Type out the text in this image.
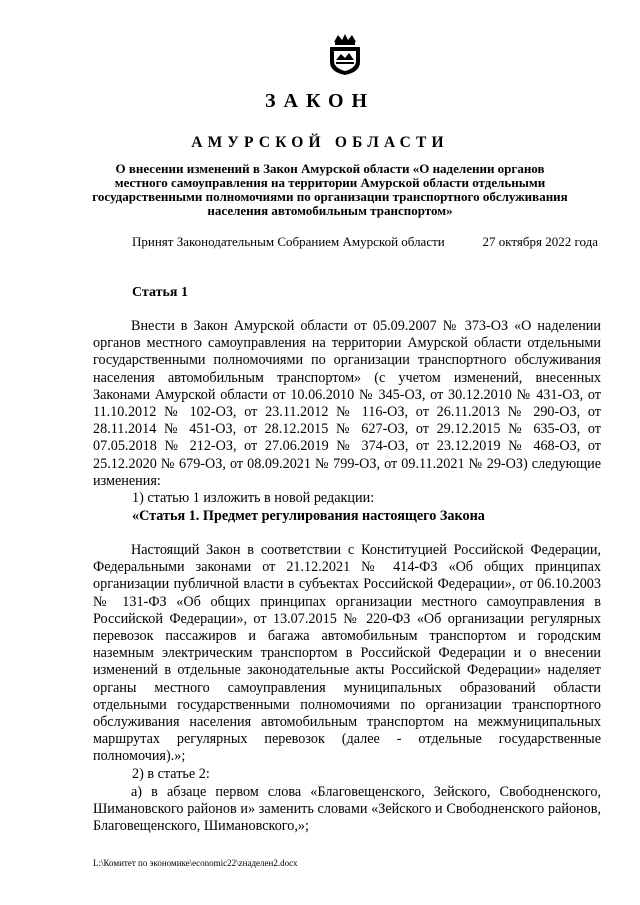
ЗАКОН
АМУРСКОЙ ОБЛАСТИ
О внесении изменений в Закон Амурской области «О наделении органов местного самоуправления на территории Амурской области отдельными государственными полномочиями по организации транспортного обслуживания населения автомобильным транспортом»
Принят Законодательным Собранием Амурской области	27 октября 2022 года
Статья 1
Внести в Закон Амурской области от 05.09.2007 № 373-ОЗ «О наделении органов местного самоуправления на территории Амурской области отдельными государственными полномочиями по организации транспортного обслуживания населения автомобильным транспортом» (с учетом изменений, внесенных Законами Амурской области от 10.06.2010 № 345-ОЗ, от 30.12.2010 № 431-ОЗ, от 11.10.2012 № 102-ОЗ, от 23.11.2012 № 116-ОЗ, от 26.11.2013 № 290-ОЗ, от 28.11.2014 № 451-ОЗ, от 28.12.2015 № 627-ОЗ, от 29.12.2015 № 635-ОЗ, от 07.05.2018 № 212-ОЗ, от 27.06.2019 № 374-ОЗ, от 23.12.2019 № 468-ОЗ, от 25.12.2020 № 679-ОЗ, от 08.09.2021 № 799-ОЗ, от 09.11.2021 № 29-ОЗ) следующие изменения:
1) статью 1 изложить в новой редакции:
«Статья 1. Предмет регулирования настоящего Закона
Настоящий Закон в соответствии с Конституцией Российской Федерации, Федеральными законами от 21.12.2021 № 414-ФЗ «Об общих принципах организации публичной власти в субъектах Российской Федерации», от 06.10.2003 № 131-ФЗ «Об общих принципах организации местного самоуправления в Российской Федерации», от 13.07.2015 № 220-ФЗ «Об организации регулярных перевозок пассажиров и багажа автомобильным транспортом и городским наземным электрическим транспортом в Российской Федерации и о внесении изменений в отдельные законодательные акты Российской Федерации» наделяет органы местного самоуправления муниципальных образований области отдельными государственными полномочиями по организации транспортного обслуживания населения автомобильным транспортом на межмуниципальных маршрутах регулярных перевозок (далее - отдельные государственные полномочия).»;
2) в статье 2:
а) в абзаце первом слова «Благовещенского, Зейского, Свободненского, Шимановского районов и» заменить словами «Зейского и Свободненского районов, Благовещенского, Шимановского,»;
L:\Комитет по экономике\economic22\zнаделен2.docx
